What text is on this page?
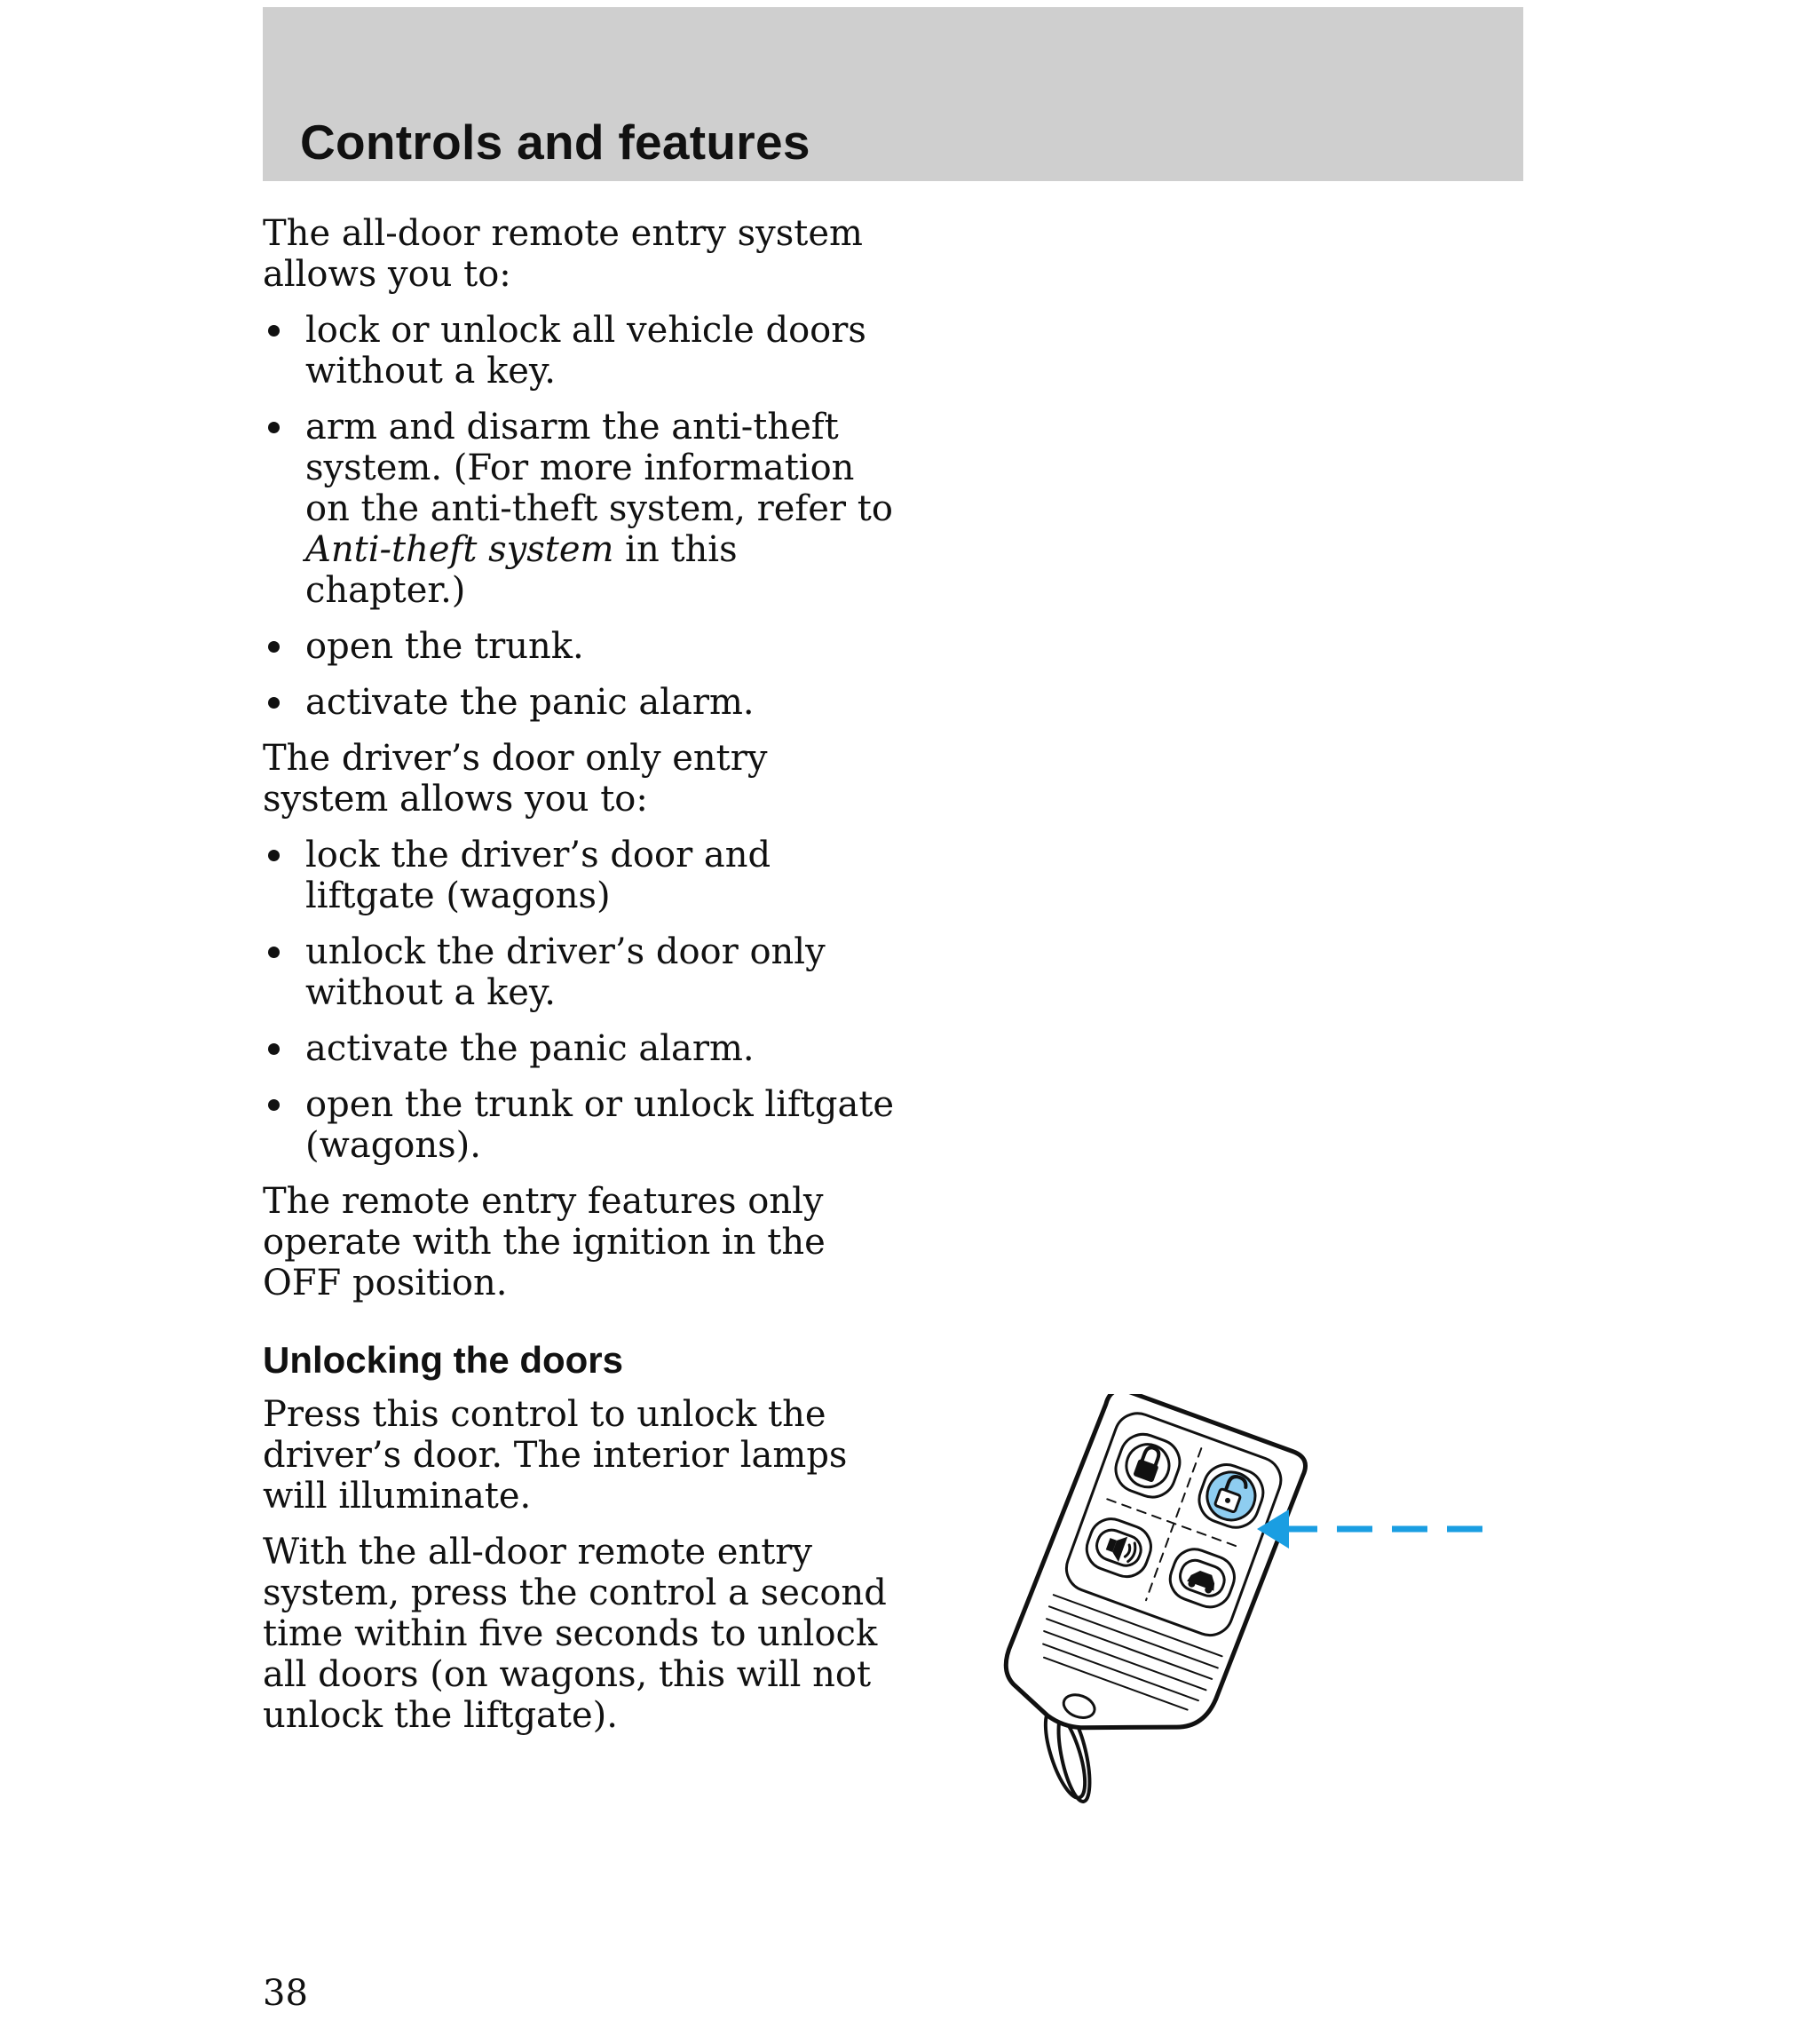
Controls and features

The all-door remote entry system allows you to:

lock or unlock all vehicle doors without a key.
arm and disarm the anti-theft system. (For more information on the anti-theft system, refer to Anti-theft system in this chapter.)
open the trunk.
activate the panic alarm.

The driver’s door only entry system allows you to:

lock the driver’s door and liftgate (wagons)
unlock the driver’s door only without a key.
activate the panic alarm.
open the trunk or unlock liftgate (wagons).

The remote entry features only operate with the ignition in the OFF position.

Unlocking the doors

Press this control to unlock the driver’s door. The interior lamps will illuminate.

With the all-door remote entry system, press the control a second time within five seconds to unlock all doors (on wagons, this will not unlock the liftgate).

38
